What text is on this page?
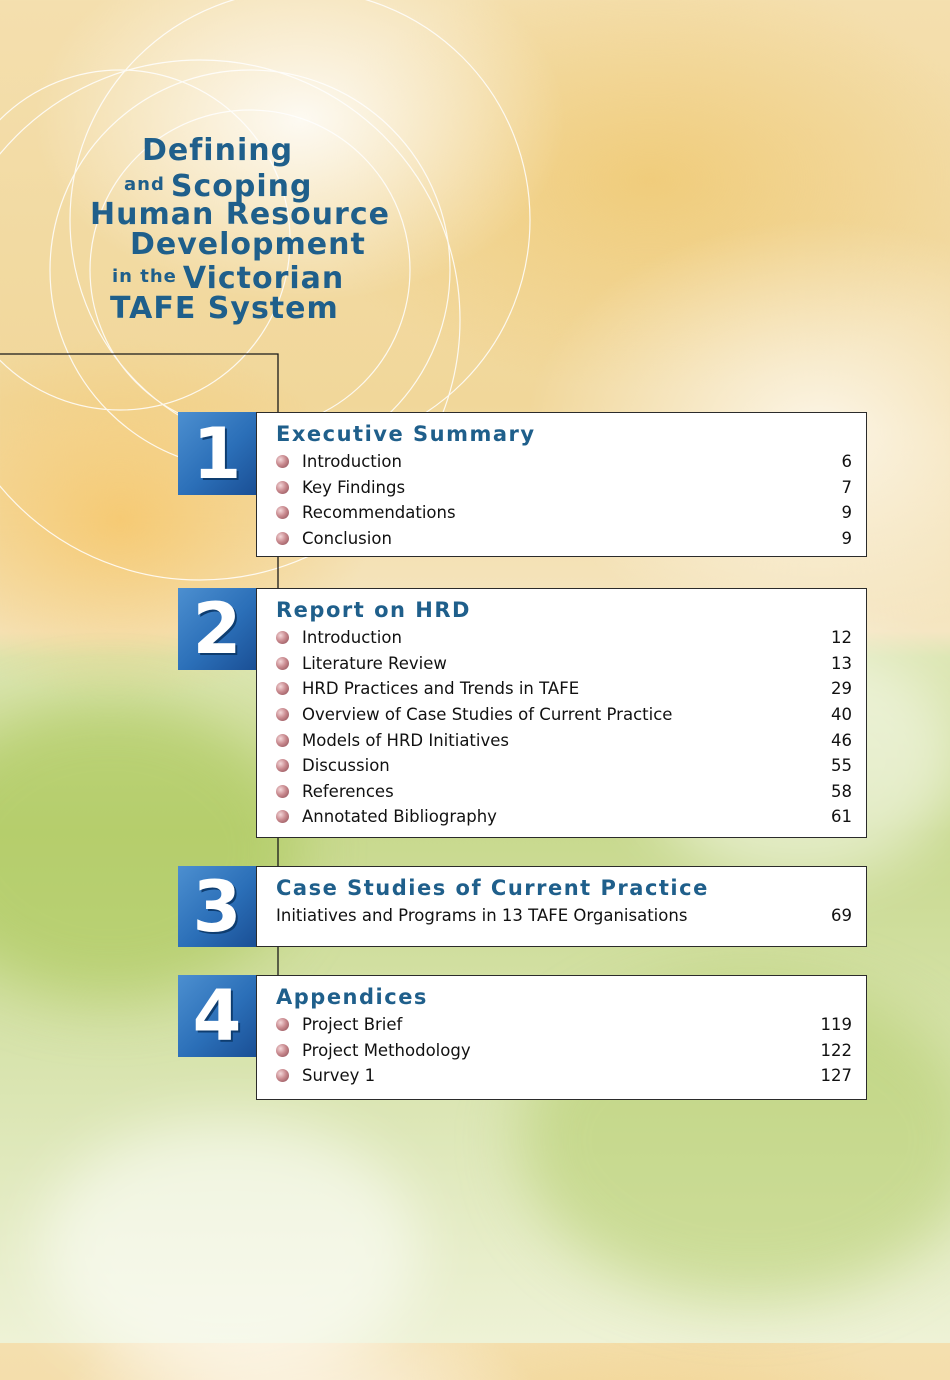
Defining
$^{and}$ Scoping
Human Resource
Development
$^{in the}$ Victorian
TAFE System
1 Executive Summary
Introduction	6
Key Findings	7
Recommendations	9
Conclusion	9
2 Report on HRD
Introduction	12
Literature Review	13
HRD Practices and Trends in TAFE	29
Overview of Case Studies of Current Practice	40
Models of HRD Initiatives	46
Discussion	55
References	58
Annotated Bibliography	61
3 Case Studies of Current Practice
Initiatives and Programs in 13 TAFE Organisations	69
4 Appendices
Project Brief	119
Project Methodology	122
Survey 1	127
